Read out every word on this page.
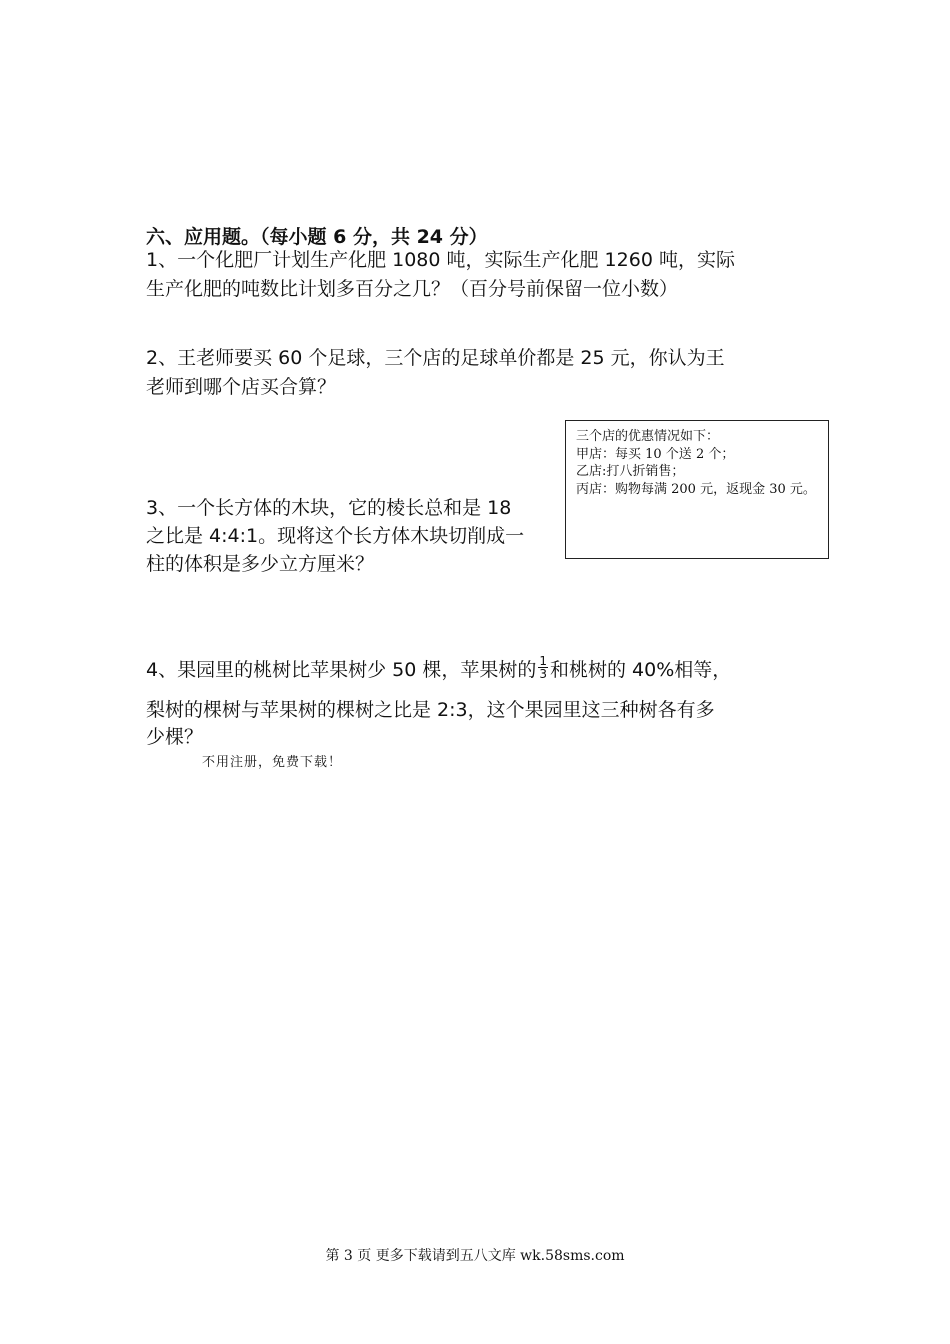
六、应用题。（每小题 6 分，共 24 分）
1、一个化肥厂计划生产化肥 1080 吨，实际生产化肥 1260 吨，实际
生产化肥的吨数比计划多百分之几？（百分号前保留一位小数）
2、王老师要买 60 个足球，三个店的足球单价都是 25 元，你认为王
老师到哪个店买合算？
三个店的优惠情况如下：
甲店：每买 10 个送 2 个；
乙店:打八折销售；
丙店：购物每满 200 元，返现金 30 元。
3、一个长方体的木块，它的棱长总和是 18
之比是 4:4:1。现将这个长方体木块切削成一
柱的体积是多少立方厘米？
4、果园里的桃树比苹果树少 50 棵，苹果树的 $\frac{1}{3}$ 和桃树的 40%相等，
梨树的棵树与苹果树的棵树之比是 2:3，这个果园里这三种树各有多
少棵？
不用注册，免费下载！
第 3 页 更多下载请到五八文库 wk.58sms.com
